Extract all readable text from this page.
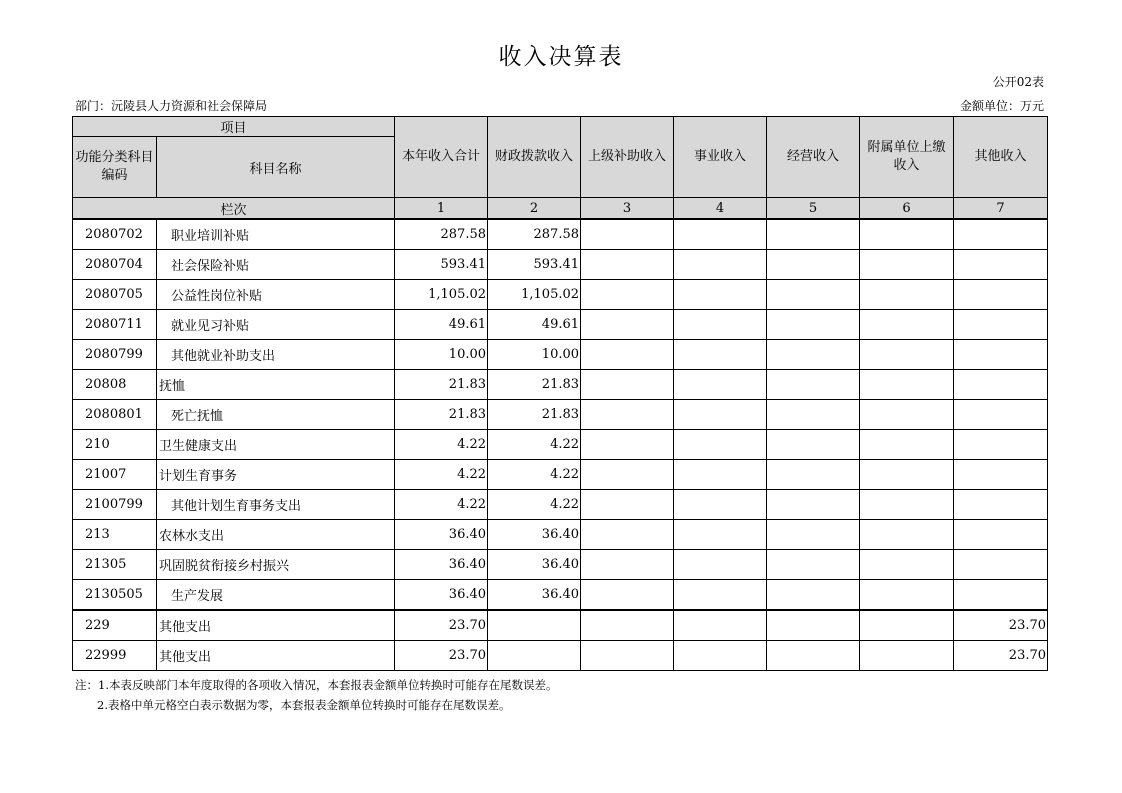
收入决算表
公开02表
部门：沅陵县人力资源和社会保障局	金额单位：万元
项目		本年收入合计	财政拨款收入	上级补助收入	事业收入	经营收入	附属单位上缴收入	其他收入
功能分类科目编码	科目名称							
栏次		1	2	3	4	5	6	7
2080702	职业培训补贴	287.58	287.58					
2080704	社会保险补贴	593.41	593.41					
2080705	公益性岗位补贴	1,105.02	1,105.02					
2080711	就业见习补贴	49.61	49.61					
2080799	其他就业补助支出	10.00	10.00					
20808	抚恤	21.83	21.83					
2080801	死亡抚恤	21.83	21.83					
210	卫生健康支出	4.22	4.22					
21007	计划生育事务	4.22	4.22					
2100799	其他计划生育事务支出	4.22	4.22					
213	农林水支出	36.40	36.40					
21305	巩固脱贫衔接乡村振兴	36.40	36.40					
2130505	生产发展	36.40	36.40					
229	其他支出	23.70						23.70
22999	其他支出	23.70						23.70
注：1.本表反映部门本年度取得的各项收入情况，本套报表金额单位转换时可能存在尾数误差。
2.表格中单元格空白表示数据为零，本套报表金额单位转换时可能存在尾数误差。
